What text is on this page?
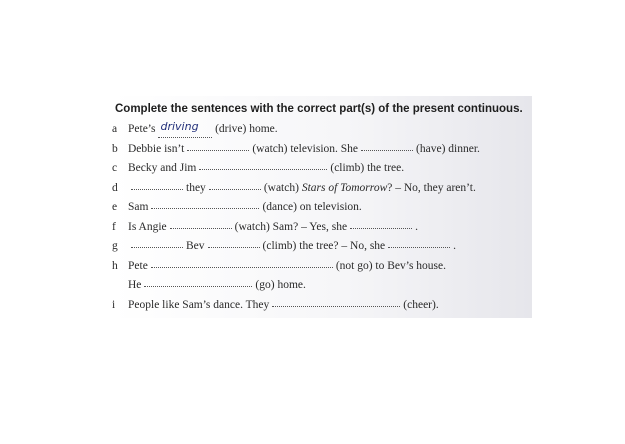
Complete the sentences with the correct part(s) of the present continuous.
a Pete’s driving	(drive) home.
b Debbie isn’t	(watch) television. She	(have) dinner.
c Becky and Jim	(climb) the tree.
d	they	(watch)
Stars of Tomorrow ? – No, they aren’t.
e Sam	(dance) on television.
f	Is Angie	(watch) Sam? – Yes, she	.
g	Bev	(climb) the tree? – No, she	.
h Pete	(not go) to Bev’s house.
He	(go) home.
i	People like Sam’s dance. They	(cheer).
